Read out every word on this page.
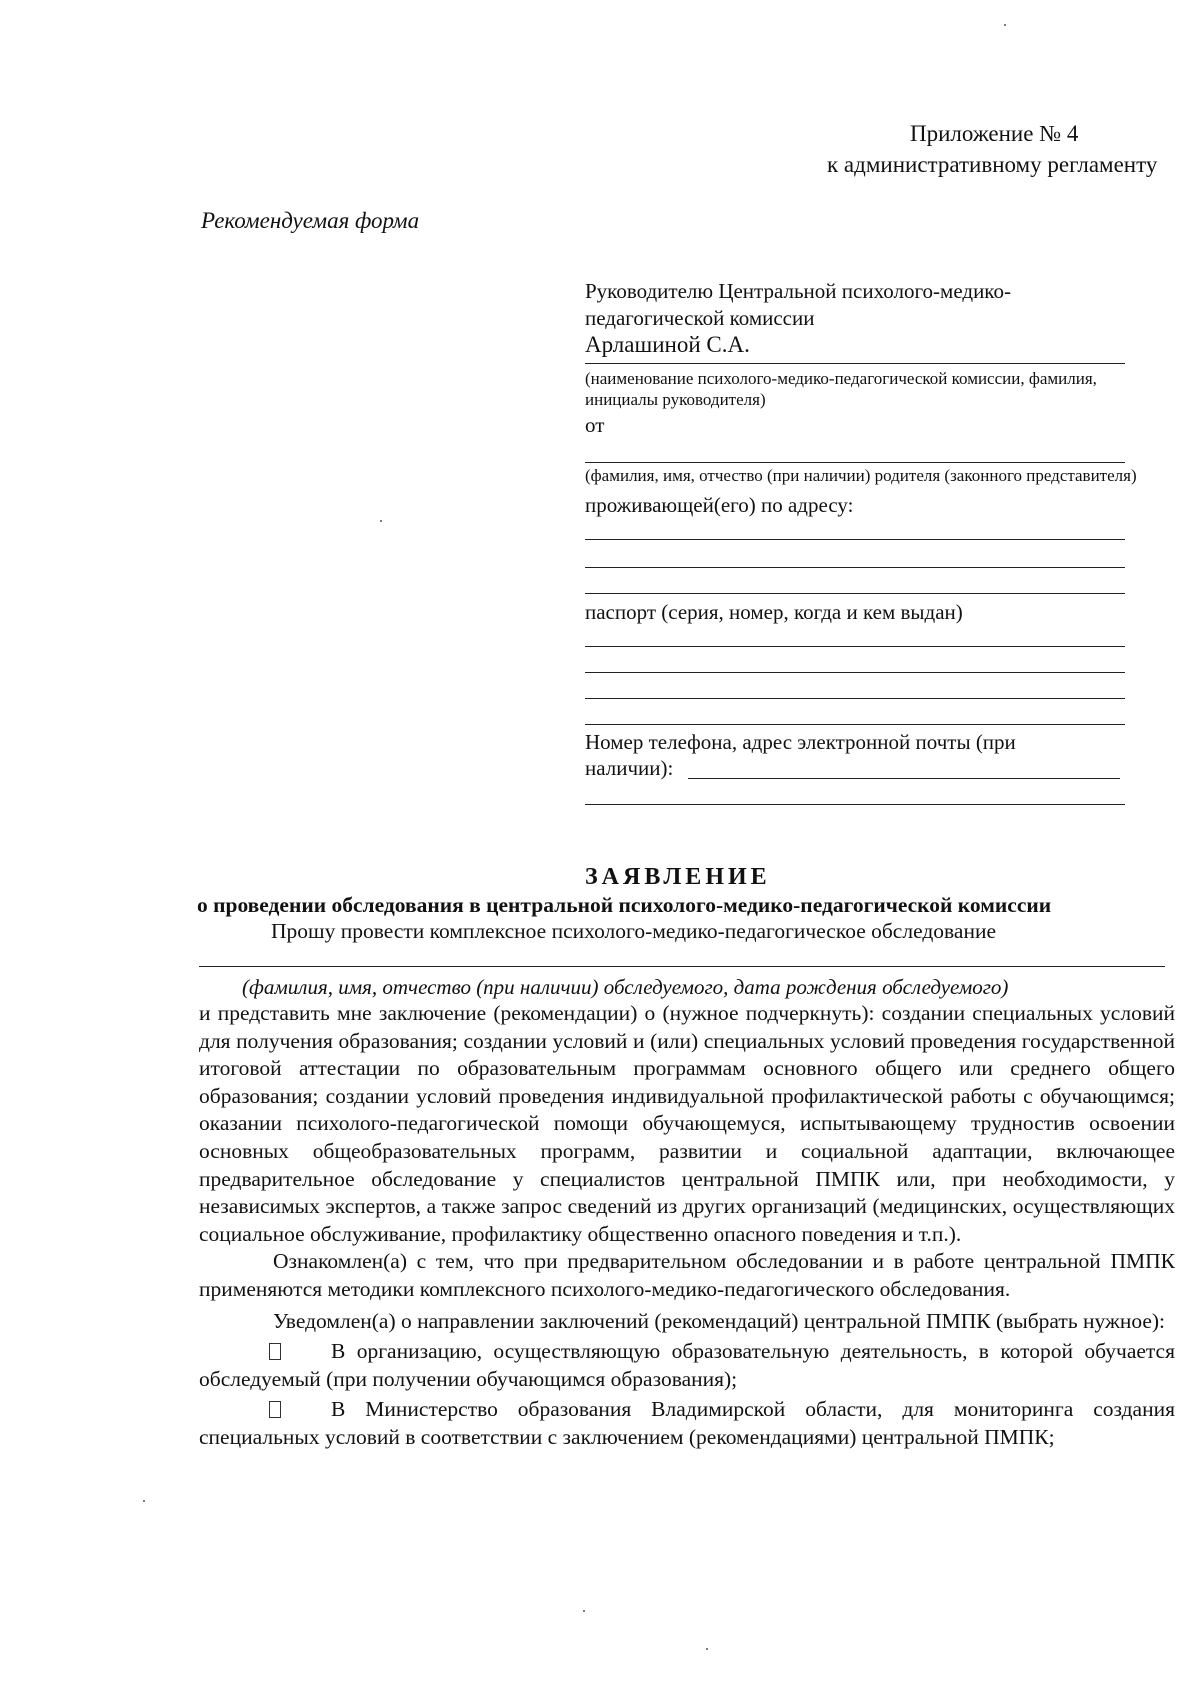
Приложение № 4
к административному регламенту
Рекомендуемая форма
Руководителю Центральной психолого-медико-
педагогической комиссии
Арлашиной С.А.
(наименование психолого-медико-педагогической комиссии, фамилия, инициалы руководителя)
от
(фамилия, имя, отчество (при наличии) родителя (законного представителя)
проживающей(его) по адресу:
паспорт (серия, номер, когда и кем выдан)
Номер телефона, адрес электронной почты (при
наличии):
ЗАЯВЛЕНИЕ
о проведении обследования в центральной психолого-медико-педагогической комиссии
Прошу провести комплексное психолого-медико-педагогическое обследование
(фамилия, имя, отчество (при наличии) обследуемого, дата рождения обследуемого)

и представить мне заключение (рекомендации) о (нужное подчеркнуть): создании специальных условий для получения образования; создании условий и (или) специальных условий проведения государственной итоговой аттестации по образовательным программам основного общего или среднего общего образования; создании условий проведения индивидуальной профилактической работы с обучающимся; оказании психолого-педагогической помощи обучающемуся, испытывающему трудностив освоении основных общеобразовательных программ, развитии и социальной адаптации, включающее предварительное обследование у специалистов центральной ПМПК или, при необходимости, у независимых экспертов, а также запрос сведений из других организаций (медицинских, осуществляющих социальное обслуживание, профилактику общественно опасного поведения и т.п.).

Ознакомлен(а) с тем, что при предварительном обследовании и в работе центральной ПМПК применяются методики комплексного психолого-медико-педагогического обследования.

Уведомлен(а) о направлении заключений (рекомендаций) центральной ПМПК (выбрать нужное):

В организацию, осуществляющую образовательную деятельность, в которой обучается обследуемый (при получении обучающимся образования);

В Министерство образования Владимирской области, для мониторинга создания специальных условий в соответствии с заключением (рекомендациями) центральной ПМПК;
